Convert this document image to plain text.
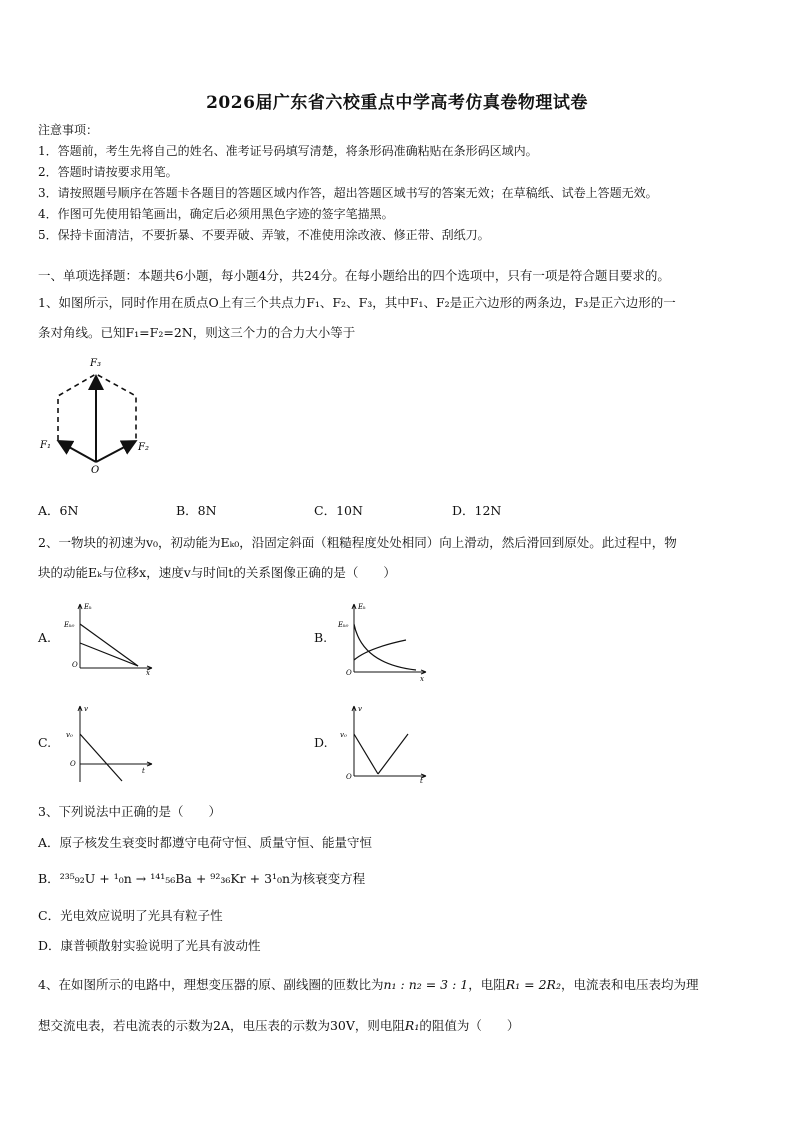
2026届广东省六校重点中学高考仿真卷物理试卷
注意事项：
1．答题前，考生先将自己的姓名、准考证号码填写清楚，将条形码准确粘贴在条形码区域内。
2．答题时请按要求用笔。
3．请按照题号顺序在答题卡各题目的答题区域内作答，超出答题区域书写的答案无效；在草稿纸、试卷上答题无效。
4．作图可先使用铅笔画出，确定后必须用黑色字迹的签字笔描黑。
5．保持卡面清洁，不要折暴、不要弄破、弄皱，不准使用涂改液、修正带、刮纸刀。
一、单项选择题：本题共6小题，每小题4分，共24分。在每小题给出的四个选项中，只有一项是符合题目要求的。
1、如图所示，同时作用在质点O上有三个共点力F₁、F₂、F₃，其中F₁、F₂是正六边形的两条边，F₃是正六边形的一
条对角线。已知F₁=F₂=2N，则这三个力的合力大小等于
F₃
F₁	F₂
O
A．6N	B．8N	C．10N	D．12N
2、一物块的初速为v₀，初动能为Eₖ₀，沿固定斜面（粗糙程度处处相同）向上滑动，然后滑回到原处。此过程中，物
块的动能Eₖ与位移x，速度v与时间t的关系图像正确的是（　　）
A.
Eₖ
Eₖ₀
O
x
B.
Eₖ
Eₖ₀
O
x
C.
v
v₀
O
t
D.
v
v₀
O	t
3、下列说法中正确的是（　　）
A．原子核发生衰变时都遵守电荷守恒、质量守恒、能量守恒
B．²³⁵₉₂U + ¹₀n → ¹⁴¹₅₆Ba + ⁹²₃₆Kr + 3¹₀n为核衰变方程
C．光电效应说明了光具有粒子性
D．康普顿散射实验说明了光具有波动性
4、在如图所示的电路中，理想变压器的原、副线圈的匝数比为n₁ : n₂ = 3 : 1，电阻R₁ = 2R₂，电流表和电压表均为理
想交流电表，若电流表的示数为2A，电压表的示数为30V，则电阻R₁的阻值为（　　）
